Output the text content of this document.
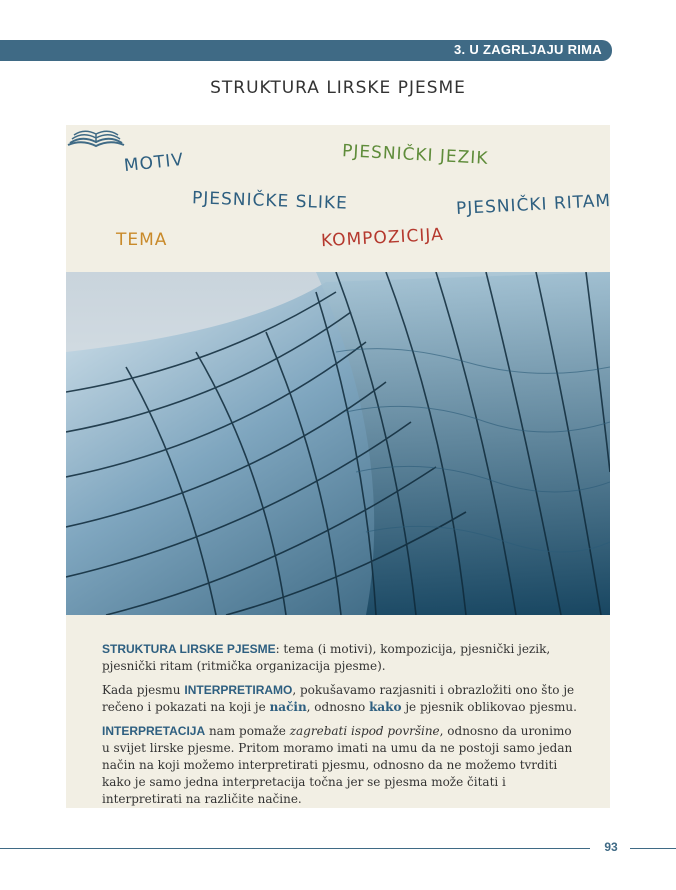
3. U ZAGRLJAJU RIMA
STRUKTURA LIRSKE PJESME
MOTIV	PJESNIČKI JEZIK
PJESNIČKE SLIKE	PJESNIČKI RITAM
TEMA	KOMPOZICIJA

STRUKTURA LIRSKE PJESME: tema (i motivi), kompozicija, pjesnički jezik, pjesnički ritam (ritmička organizacija pjesme).

Kada pjesmu INTERPRETIRAMO, pokušavamo razjasniti i obrazložiti ono što je rečeno i pokazati na koji je način, odnosno kako je pjesnik oblikovao pjesmu.

INTERPRETACIJA nam pomaže zagrebati ispod površine, odnosno da uronimo u svijet lirske pjesme. Pritom moramo imati na umu da ne postoji samo jedan način na koji možemo interpretirati pjesmu, odnosno da ne možemo tvrditi kako je samo jedna interpretacija točna jer se pjesma može čitati i interpretirati na različite načine.

93
